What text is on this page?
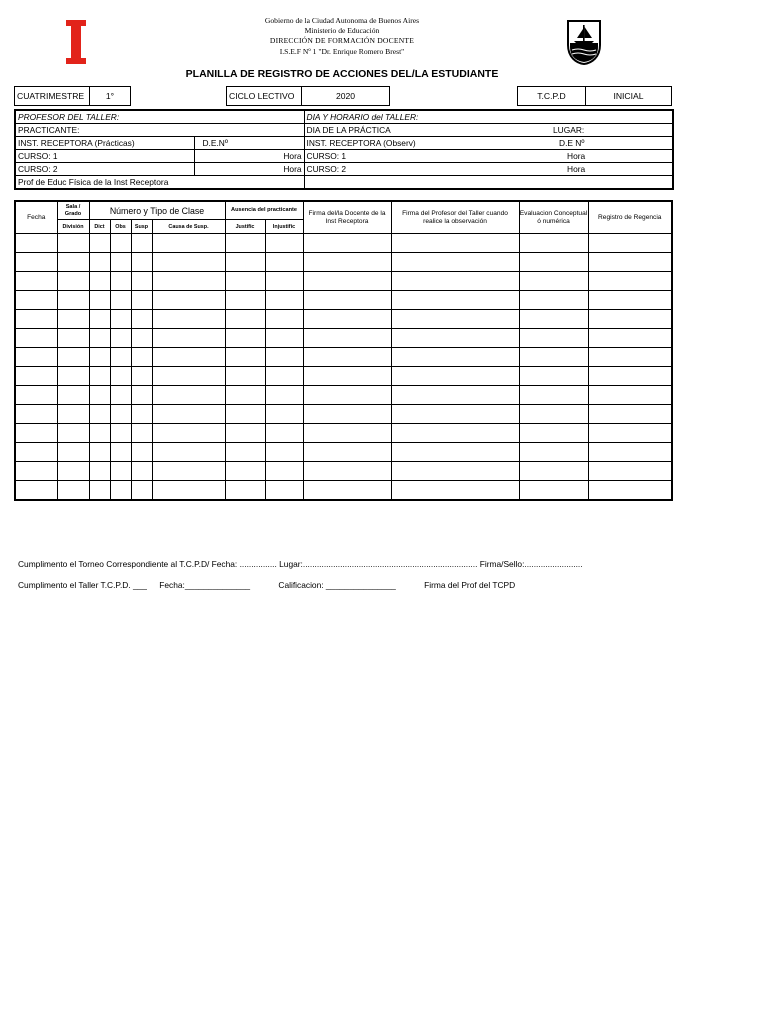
Gobierno de la Ciudad Autonoma de Buenos Aires
Ministerio de Educación
DIRECCIÓN DE FORMACIÓN DOCENTE
I.S.E.F Nº 1 "Dr. Enrique Romero Brest"
PLANILLA DE REGISTRO DE ACCIONES DEL/LA ESTUDIANTE
CUATRIMESTRE	1°		CICLO LECTIVO	2020		T.C.P.D	INICIAL
PROFESOR DEL TALLER:		DIA Y HORARIO del TALLER:	
PRACTICANTE:		DIA DE LA PRÁCTICA	LUGAR:
INST. RECEPTORA (Prácticas)	D.E.Nº	INST. RECEPTORA (Observ)	D.E Nº
CURSO: 1	Hora	CURSO: 1	Hora
CURSO: 2	Hora	CURSO: 2	Hora
Prof de Educ Física de la Inst Receptora			
Fecha	Sala / Grado	Número y Tipo de Clase				Ausencia del practicante		Firma del/la Docente de la Inst Receptora	Firma del Profesor del Taller cuando realice la observación	Evaluacion Conceptual ó numérica	Registro de Regencia
	División	Dict	Obs	Susp	Causa de Susp.	Justific	Injustific				

Cumplimento el Torneo Correspondiente al T.C.P.D/ Fecha: ................ Lugar:........................................................................... Firma/Sello:.........................
Cumplimento el Taller T.C.P.D. ___ Fecha:______________	Calificacion: _______________	Firma del Prof del TCPD
